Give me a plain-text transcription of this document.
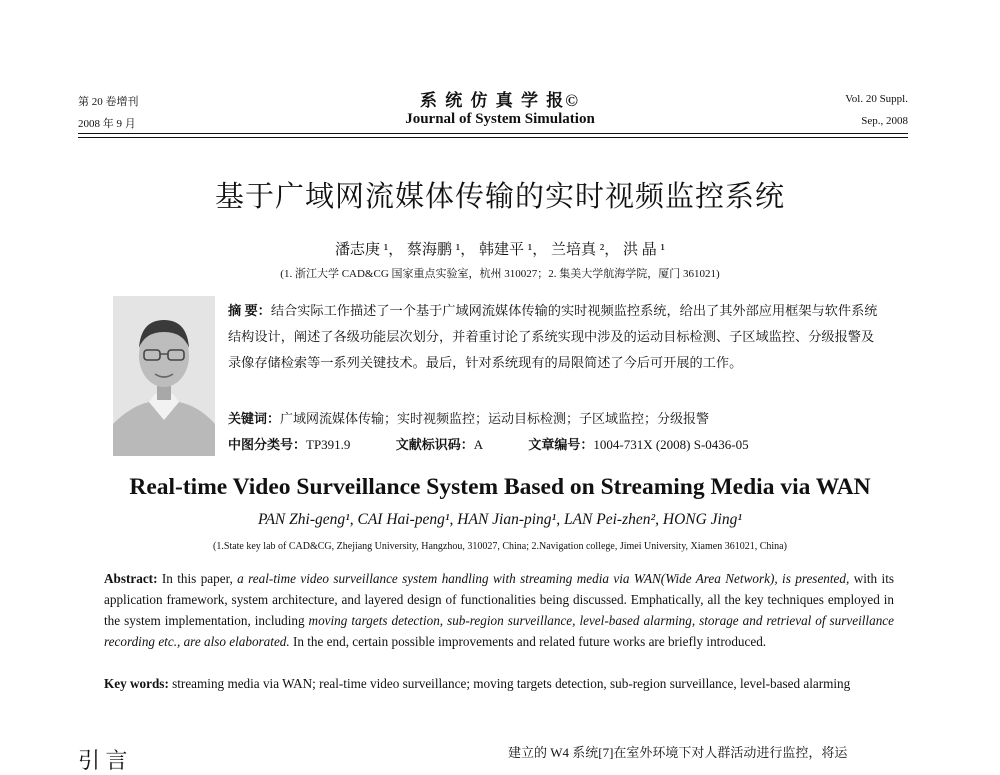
第 20 卷增刊
2008 年 9 月
系 统 仿 真 学 报©
Journal of System Simulation
Vol. 20 Suppl.
Sep., 2008
基于广域网流媒体传输的实时视频监控系统
潘志庚 ¹， 蔡海鹏 ¹， 韩建平 ¹， 兰培真 ²， 洪 晶 ¹
(1. 浙江大学 CAD&CG 国家重点实验室，杭州 310027；2. 集美大学航海学院，厦门 361021)
摘 要：结合实际工作描述了一个基于广域网流媒体传输的实时视频监控系统，给出了其外部应用框架与软件系统结构设计，阐述了各级功能层次划分，并着重讨论了系统实现中涉及的运动目标检测、子区域监控、分级报警及录像存储检索等一系列关键技术。最后，针对系统现有的局限简述了今后可开展的工作。
关键词：广域网流媒体传输；实时视频监控；运动目标检测；子区域监控；分级报警
中图分类号：TP391.9	文献标识码：A	文章编号：1004-731X (2008) S-0436-05
Real-time Video Surveillance System Based on Streaming Media via WAN
PAN Zhi-geng¹, CAI Hai-peng¹, HAN Jian-ping¹, LAN Pei-zhen², HONG Jing¹
(1.State key lab of CAD&CG, Zhejiang University, Hangzhou, 310027, China; 2.Navigation college, Jimei University, Xiamen 361021, China)
Abstract: In this paper, a real-time video surveillance system handling with streaming media via WAN(Wide Area Network), is presented, with its application framework, system architecture, and layered design of functionalities being discussed. Emphatically, all the key techniques employed in the system implementation, including moving targets detection, sub-region surveillance, level-based alarming, storage and retrieval of surveillance recording etc., are also elaborated. In the end, certain possible improvements and related future works are briefly introduced.
Key words: streaming media via WAN; real-time video surveillance; moving targets detection, sub-region surveillance, level-based alarming
引 言	建立的 W4 系统[7]在室外环境下对人群活动进行监控，将运
